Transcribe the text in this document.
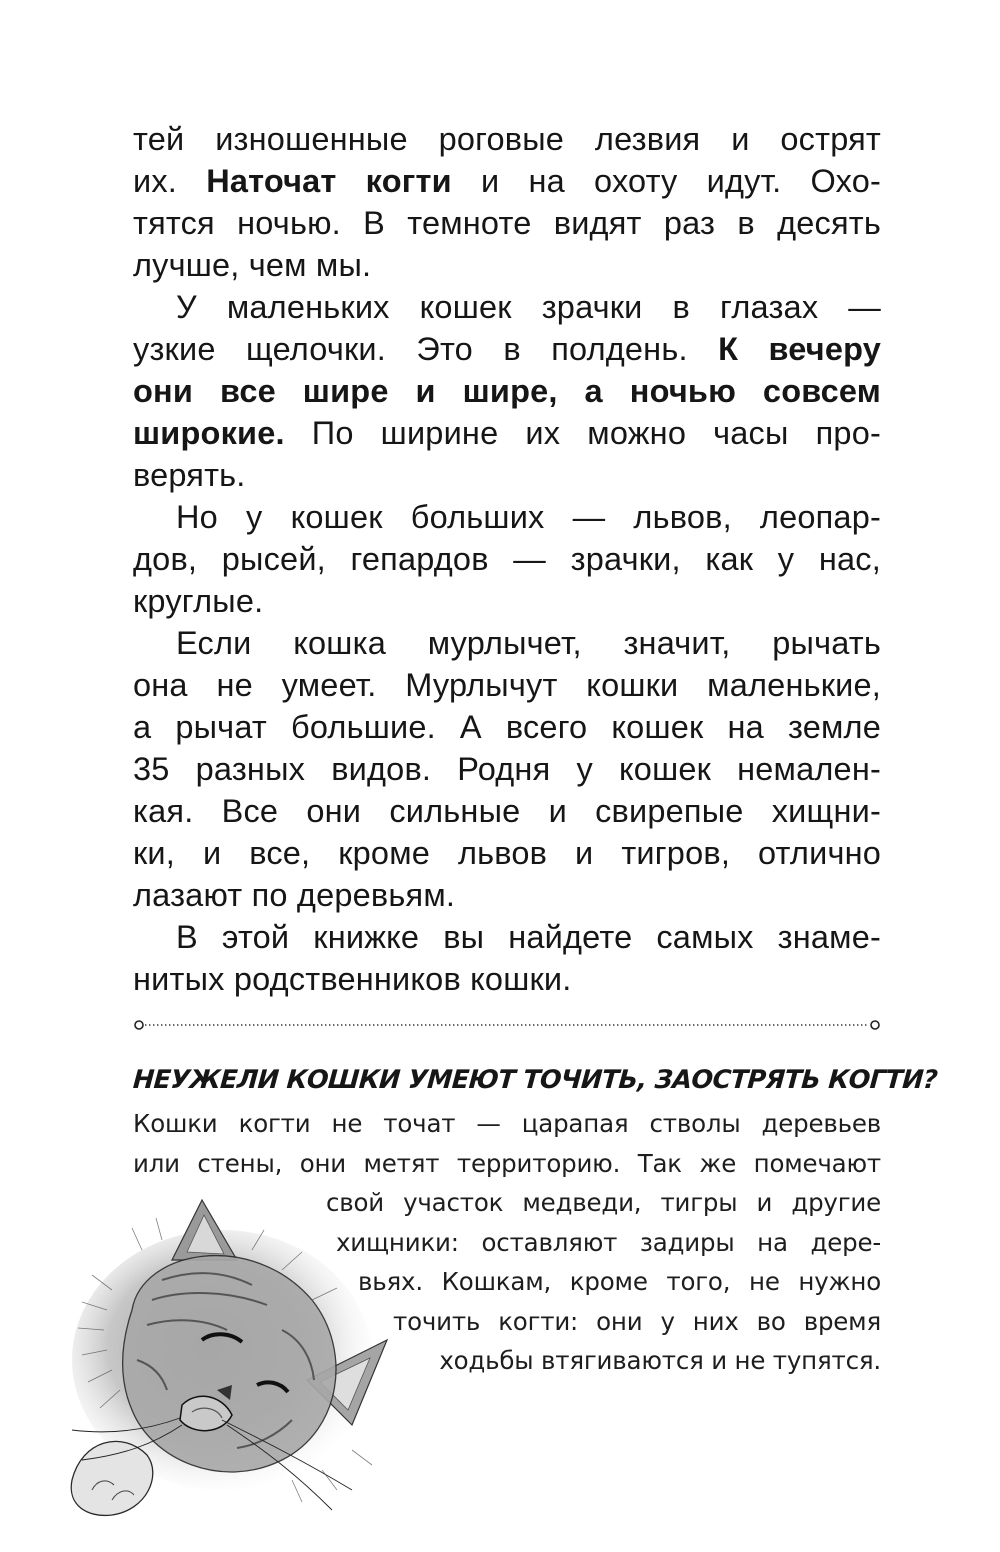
тей изношенные роговые лезвия и острят
их. Наточат когти и на охоту идут. Охо-
тятся ночью. В темноте видят раз в десять
лучше, чем мы.
У маленьких кошек зрачки в глазах —
узкие щелочки. Это в полдень. К вечеру
они все шире и шире, а ночью совсем
широкие. По ширине их можно часы про-
верять.
Но у кошек больших — львов, леопар-
дов, рысей, гепардов — зрачки, как у нас,
круглые.
Если кошка мурлычет, значит, рычать
она не умеет. Мурлычут кошки маленькие,
а рычат большие. А всего кошек на земле
35 разных видов. Родня у кошек немален-
кая. Все они сильные и свирепые хищни-
ки, и все, кроме львов и тигров, отлично
лазают по деревьям.
В этой книжке вы найдете самых знаме-
нитых родственников кошки.
НЕУЖЕЛИ КОШКИ УМЕЮТ ТОЧИТЬ, ЗАОСТРЯТЬ КОГТИ?
Кошки когти не точат — царапая стволы деревьев
или стены, они метят территорию. Так же помечают
свой участок медведи, тигры и другие
хищники: оставляют задиры на дере-
вьях. Кошкам, кроме того, не нужно
точить когти: они у них во время
ходьбы втягиваются и не тупятся.
